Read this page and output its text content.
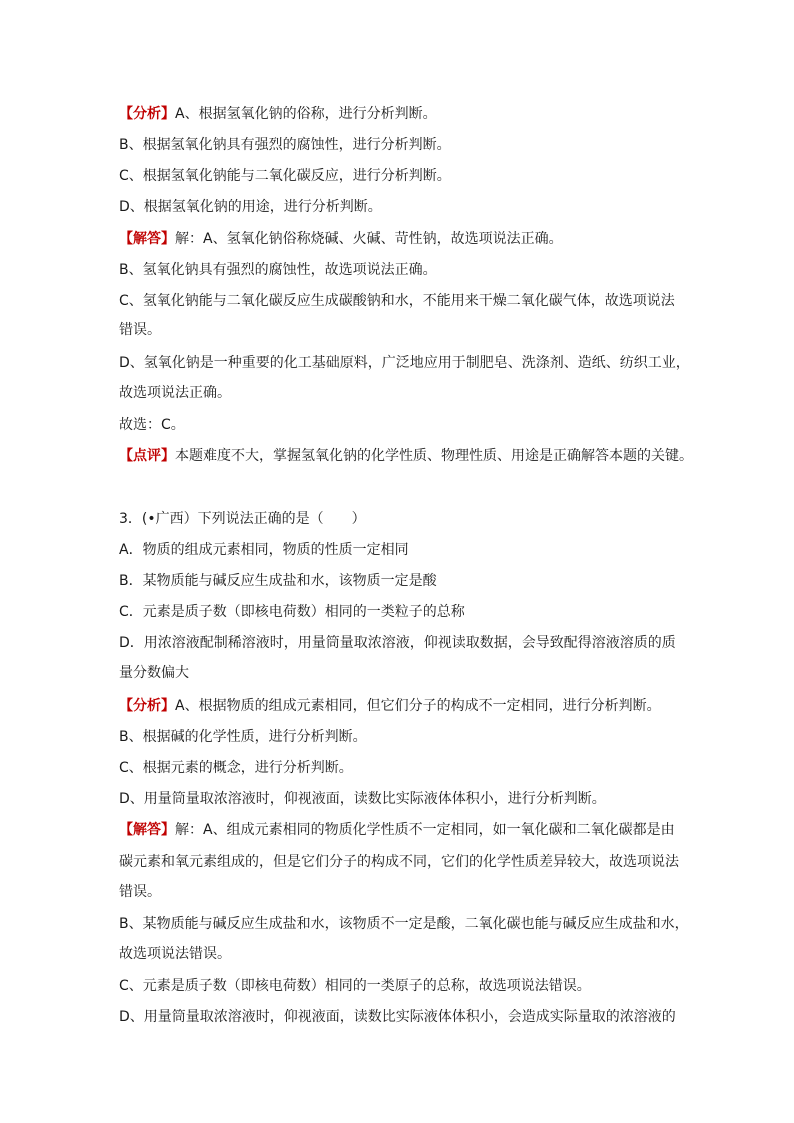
【分析】A、根据氢氧化钠的俗称，进行分析判断。
B、根据氢氧化钠具有强烈的腐蚀性，进行分析判断。
C、根据氢氧化钠能与二氧化碳反应，进行分析判断。
D、根据氢氧化钠的用途，进行分析判断。
【解答】解：A、氢氧化钠俗称烧碱、火碱、苛性钠，故选项说法正确。
B、氢氧化钠具有强烈的腐蚀性，故选项说法正确。
C、氢氧化钠能与二氧化碳反应生成碳酸钠和水，不能用来干燥二氧化碳气体，故选项说法
错误。
D、氢氧化钠是一种重要的化工基础原料，广泛地应用于制肥皂、洗涤剂、造纸、纺织工业，
故选项说法正确。
故选：C。
【点评】本题难度不大，掌握氢氧化钠的化学性质、物理性质、用途是正确解答本题的关键。
3．(•广西）下列说法正确的是（　　）
A．物质的组成元素相同，物质的性质一定相同
B．某物质能与碱反应生成盐和水，该物质一定是酸
C．元素是质子数（即核电荷数）相同的一类粒子的总称
D．用浓溶液配制稀溶液时，用量筒量取浓溶液，仰视读取数据，会导致配得溶液溶质的质
量分数偏大
【分析】A、根据物质的组成元素相同，但它们分子的构成不一定相同，进行分析判断。
B、根据碱的化学性质，进行分析判断。
C、根据元素的概念，进行分析判断。
D、用量筒量取浓溶液时，仰视液面，读数比实际液体体积小，进行分析判断。
【解答】解：A、组成元素相同的物质化学性质不一定相同，如一氧化碳和二氧化碳都是由
碳元素和氧元素组成的，但是它们分子的构成不同，它们的化学性质差异较大，故选项说法
错误。
B、某物质能与碱反应生成盐和水，该物质不一定是酸，二氧化碳也能与碱反应生成盐和水，
故选项说法错误。
C、元素是质子数（即核电荷数）相同的一类原子的总称，故选项说法错误。
D、用量筒量取浓溶液时，仰视液面，读数比实际液体体积小，会造成实际量取的浓溶液的
